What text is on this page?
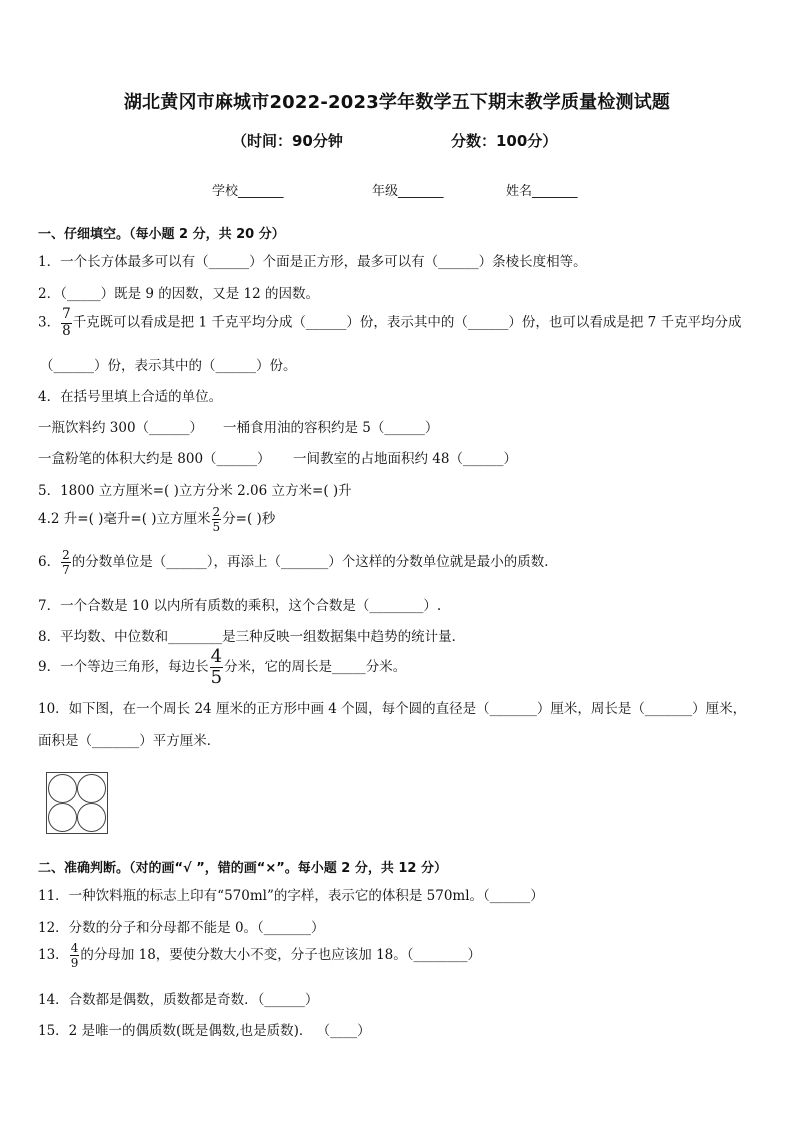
湖北黄冈市麻城市2022-2023学年数学五下期末教学质量检测试题
（时间：90分钟	分数：100分）
学校_______	年级_______	姓名_______
一、仔细填空。（每小题 2 分，共 20 分）
1．一个长方体最多可以有（______）个面是正方形，最多可以有（______）条棱长度相等。
2．（_____）既是 9 的因数，又是 12 的因数。
3． $\frac{7}{8}$ 千克既可以看成是把 1 千克平均分成（______）份，表示其中的（______）份，也可以看成是把 7 千克平均分成
（______）份，表示其中的（______）份。
4．在括号里填上合适的单位。
一瓶饮料约 300（______） 一桶食用油的容积约是 5（______）
一盒粉笔的体积大约是 800（______） 一间教室的占地面积约 48（______）
5．1800 立方厘米=( )立方分米 2.06 立方米=( )升
4.2 升=( )毫升=( )立方厘米 $\frac{2}{5}$ 分=( )秒
6． $\frac{2}{7}$ 的分数单位是（______），再添上（_______）个这样的分数单位就是最小的质数．
7．一个合数是 10 以内所有质数的乘积，这个合数是（________）.
8．平均数、中位数和________是三种反映一组数据集中趋势的统计量．
9．一个等边三角形，每边长 $\frac{4}{5}$ 分米，它的周长是_____分米。
10．如下图，在一个周长 24 厘米的正方形中画 4 个圆，每个圆的直径是（_______）厘米，周长是（_______）厘米，
面积是（_______）平方厘米．
二、准确判断。（对的画“√ ”，错的画“×”。每小题 2 分，共 12 分）
11．一种饮料瓶的标志上印有“570ml”的字样，表示它的体积是 570ml。（______）
12．分数的分子和分母都不能是 0。（_______）
13． $\frac{4}{9}$ 的分母加 18，要使分数大小不变，分子也应该加 18。（________）
14．合数都是偶数，质数都是奇数．（______）
15．2 是唯一的偶质数(既是偶数,也是质数)． （____）
